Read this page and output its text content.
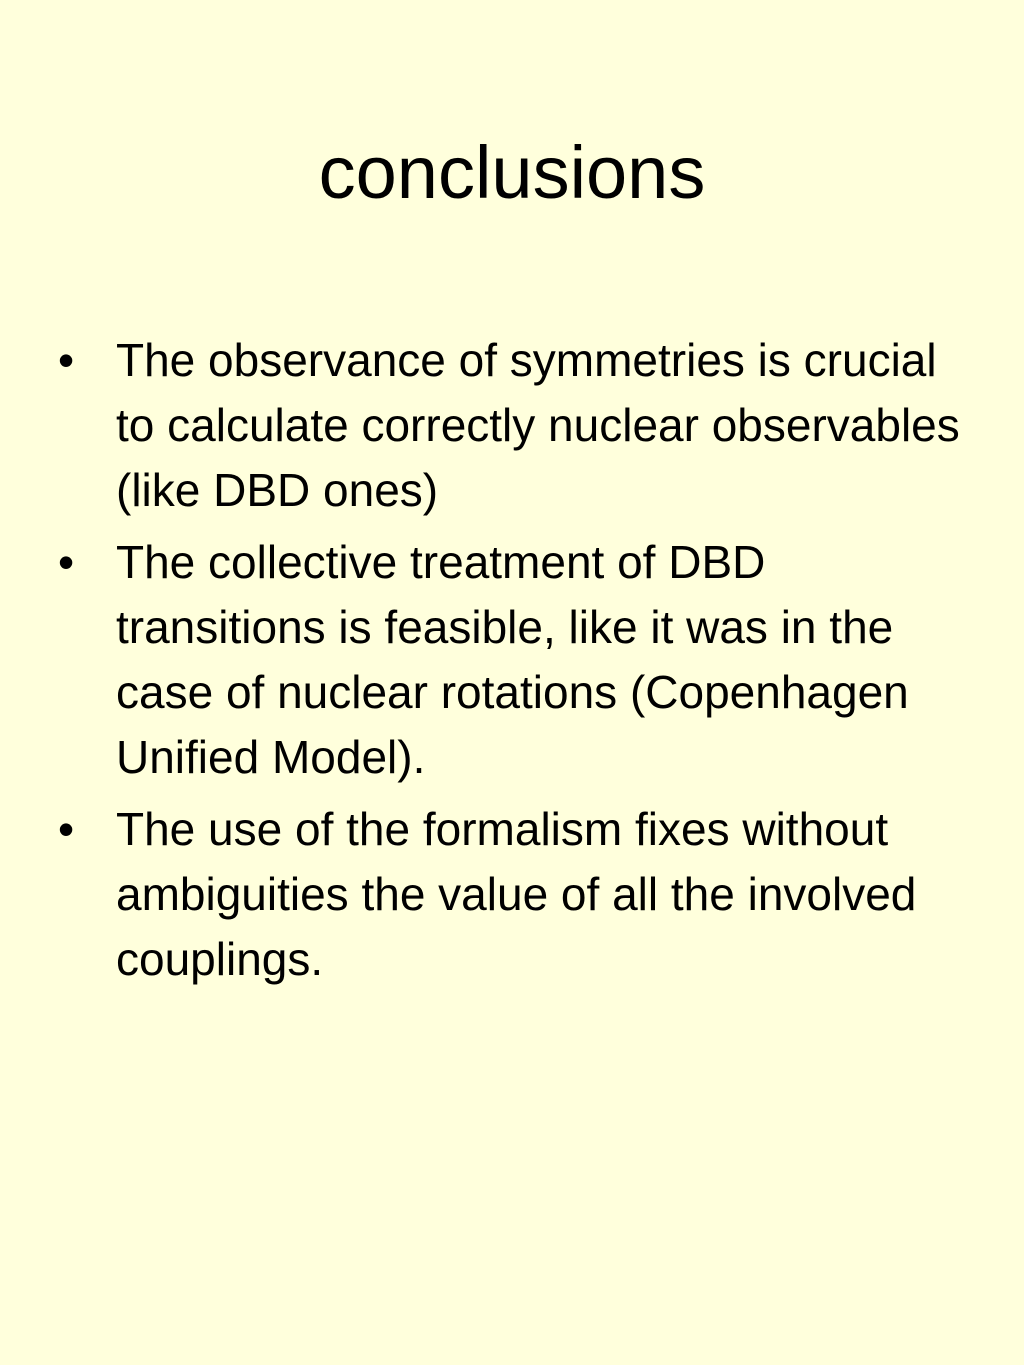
conclusions
• The observance of symmetries is crucial to calculate correctly nuclear observables (like DBD ones)
• The collective treatment of DBD transitions is feasible, like it was in the case of nuclear rotations (Copenhagen Unified Model).
• The use of the formalism fixes without ambiguities the value of all the involved couplings.
